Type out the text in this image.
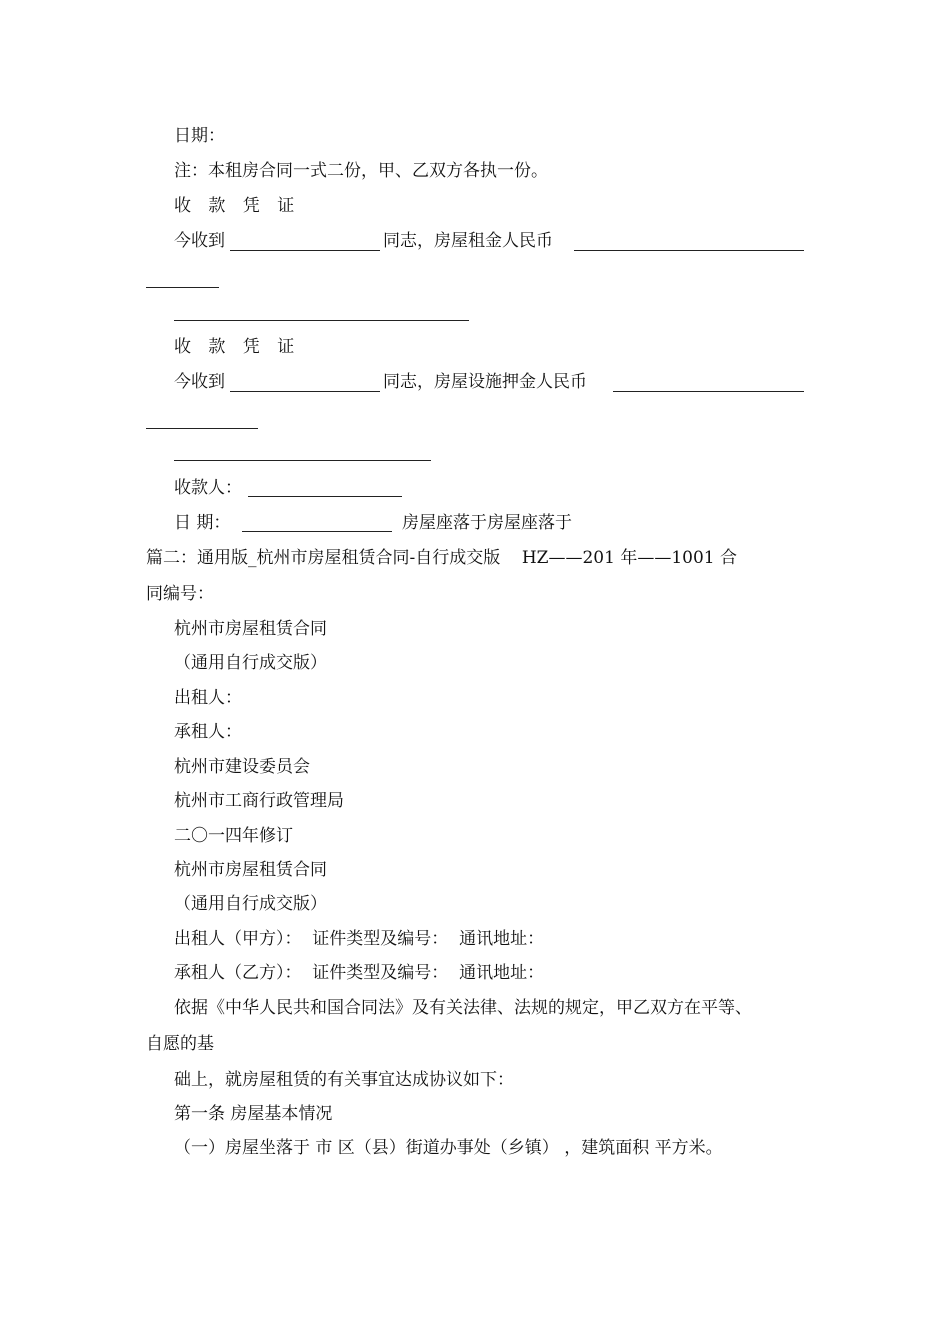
日期：
注：本租房合同一式二份，甲、乙双方各执一份。
收 款 凭 证
今收到	同志，房屋租金人民币
收 款 凭 证
今收到	同志，房屋设施押金人民币
收款人：
日 期：	房屋座落于房屋座落于
篇二：通用版_杭州市房屋租赁合同-自行成交版    HZ——201 年——1001 合
同编号：
杭州市房屋租赁合同
（通用自行成交版）
出租人：
承租人：
杭州市建设委员会
杭州市工商行政管理局
二〇一四年修订
杭州市房屋租赁合同
（通用自行成交版）
出租人（甲方）：  证件类型及编号：  通讯地址：
承租人（乙方）：  证件类型及编号：  通讯地址：
依据《中华人民共和国合同法》及有关法律、法规的规定，甲乙双方在平等、
自愿的基
础上，就房屋租赁的有关事宜达成协议如下：
第一条 房屋基本情况
（一）房屋坐落于 市 区（县）街道办事处（乡镇） ，建筑面积 平方米。
